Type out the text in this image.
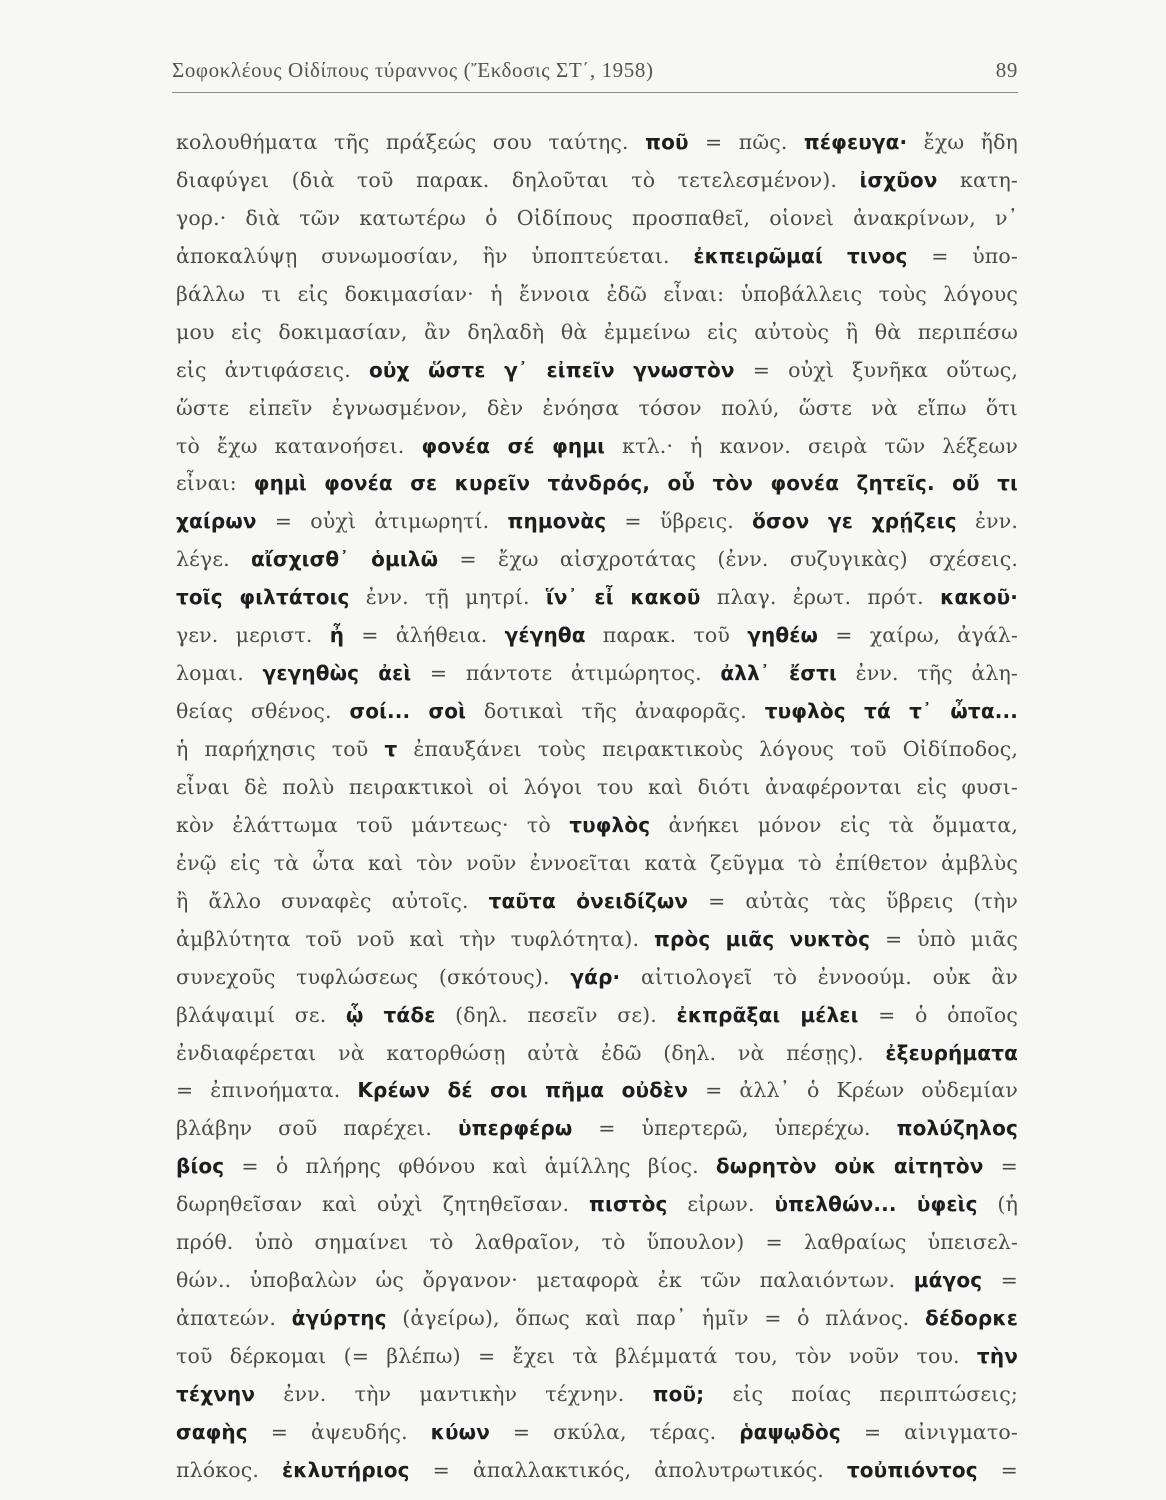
Σοφοκλέους Οἰδίπους τύραννος (Ἔκδοσις ΣΤ΄, 1958)	89
κολουθήματα τῆς πράξεώς σου ταύτης. ποῦ = πῶς. πέφευγα· ἔχω ἤδη
διαφύγει (διὰ τοῦ παρακ. δηλοῦται τὸ τετελεσμένον). ἰσχῦον κατη-
γορ.· διὰ τῶν κατωτέρω ὁ Οἰδίπους προσπαθεῖ, οἱονεὶ ἀνακρίνων, ν᾿
ἀποκαλύψῃ συνωμοσίαν, ἣν ὑποπτεύεται. ἐκπειρῶμαί τινος = ὑπο-
βάλλω τι εἰς δοκιμασίαν· ἡ ἔννοια ἐδῶ εἶναι: ὑποβάλλεις τοὺς λόγους
μου εἰς δοκιμασίαν, ἂν δηλαδὴ θὰ ἐμμείνω εἰς αὐτοὺς ἢ θὰ περιπέσω
εἰς ἀντιφάσεις. οὐχ ὥστε γ᾿ εἰπεῖν γνωστὸν = οὐχὶ ξυνῆκα οὕτως,
ὥστε εἰπεῖν ἐγνωσμένον, δὲν ἐνόησα τόσον πολύ, ὥστε νὰ εἴπω ὅτι
τὸ ἔχω κατανοήσει. φονέα σέ φημι κτλ.· ἡ κανον. σειρὰ τῶν λέξεων
εἶναι: φημὶ φονέα σε κυρεῖν τἀνδρός, οὗ τὸν φονέα ζητεῖς. οὔ τι
χαίρων = οὐχὶ ἀτιμωρητί. πημονὰς = ὕβρεις. ὅσον γε χρῄζεις ἐνν.
λέγε. αἴσχισθ᾿ ὁμιλῶ = ἔχω αἰσχροτάτας (ἐνν. συζυγικὰς) σχέσεις.
τοῖς φιλτάτοις ἐνν. τῇ μητρί. ἵν᾿ εἶ κακοῦ πλαγ. ἐρωτ. πρότ. κακοῦ·
γεν. μεριστ. ἦ = ἀλήθεια. γέγηθα παρακ. τοῦ γηθέω = χαίρω, ἀγάλ-
λομαι. γεγηθὼς ἀεὶ = πάντοτε ἀτιμώρητος. ἀλλ᾿ ἔστι ἐνν. τῆς ἀλη-
θείας σθένος. σοί... σοὶ δοτικαὶ τῆς ἀναφορᾶς. τυφλὸς τά τ᾿ ὦτα...
ἡ παρήχησις τοῦ τ ἐπαυξάνει τοὺς πειρακτικοὺς λόγους τοῦ Οἰδίποδος,
εἶναι δὲ πολὺ πειρακτικοὶ οἱ λόγοι του καὶ διότι ἀναφέρονται εἰς φυσι-
κὸν ἐλάττωμα τοῦ μάντεως· τὸ τυφλὸς ἀνήκει μόνον εἰς τὰ ὄμματα,
ἐνῷ εἰς τὰ ὦτα καὶ τὸν νοῦν ἐννοεῖται κατὰ ζεῦγμα τὸ ἐπίθετον ἀμβλὺς
ἢ ἄλλο συναφὲς αὐτοῖς. ταῦτα ὀνειδίζων = αὐτὰς τὰς ὕβρεις (τὴν
ἀμβλύτητα τοῦ νοῦ καὶ τὴν τυφλότητα). πρὸς μιᾶς νυκτὸς = ὑπὸ μιᾶς
συνεχοῦς τυφλώσεως (σκότους). γάρ· αἰτιολογεῖ τὸ ἐννοούμ. οὐκ ἂν
βλάψαιμί σε. ᾧ τάδε (δηλ. πεσεῖν σε). ἐκπρᾶξαι μέλει = ὁ ὁποῖος
ἐνδιαφέρεται νὰ κατορθώσῃ αὐτὰ ἐδῶ (δηλ. νὰ πέσῃς). ἐξευρήματα
= ἐπινοήματα. Κρέων δέ σοι πῆμα οὐδὲν = ἀλλ᾿ ὁ Κρέων οὐδεμίαν
βλάβην σοῦ παρέχει. ὑπερφέρω = ὑπερτερῶ, ὑπερέχω. πολύζηλος
βίος = ὁ πλήρης φθόνου καὶ ἁμίλλης βίος. δωρητὸν οὐκ αἰτητὸν =
δωρηθεῖσαν καὶ οὐχὶ ζητηθεῖσαν. πιστὸς εἰρων. ὑπελθών... ὑφεὶς (ἡ
πρόθ. ὑπὸ σημαίνει τὸ λαθραῖον, τὸ ὕπουλον) = λαθραίως ὑπεισελ-
θών.. ὑποβαλὼν ὡς ὄργανον· μεταφορὰ ἐκ τῶν παλαιόντων. μάγος =
ἀπατεών. ἀγύρτης (ἀγείρω), ὅπως καὶ παρ᾿ ἡμῖν = ὁ πλάνος. δέδορκε
τοῦ δέρκομαι (= βλέπω) = ἔχει τὰ βλέμματά του, τὸν νοῦν του. τὴν
τέχνην ἐνν. τὴν μαντικὴν τέχνην. ποῦ; εἰς ποίας περιπτώσεις;
σαφὴς = ἀψευδής. κύων = σκύλα, τέρας. ῥαψῳδὸς = αἰνιγματο-
πλόκος. ἐκλυτήριος = ἀπαλλακτικός, ἀπολυτρωτικός. τοὐπιόντος =
